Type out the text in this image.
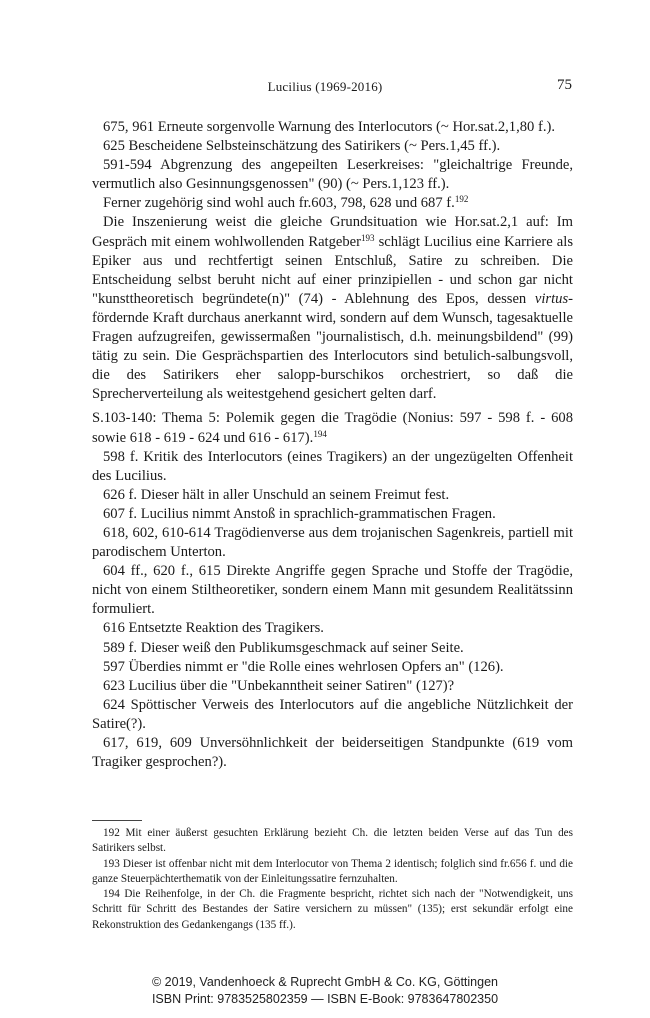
Lucilius (1969-2016)	75

675, 961 Erneute sorgenvolle Warnung des Interlocutors (~ Hor.sat.2,1,80 f.).

625 Bescheidene Selbsteinschätzung des Satirikers (~ Pers.1,45 ff.).

591-594 Abgrenzung des angepeilten Leserkreises: "gleichaltrige Freunde, vermutlich also Gesinnungsgenossen" (90) (~ Pers.1,123 ff.).

Ferner zugehörig sind wohl auch fr.603, 798, 628 und 687 f.$^{192}$

Die Inszenierung weist die gleiche Grundsituation wie Hor.sat.2,1 auf: Im Gespräch mit einem wohlwollenden Ratgeber$^{193}$ schlägt Lucilius eine Karriere als Epiker aus und rechtfertigt seinen Entschluß, Satire zu schreiben. Die Entscheidung selbst beruht nicht auf einer prinzipiellen - und schon gar nicht "kunsttheoretisch begründete(n)" (74) - Ablehnung des Epos, dessen virtus-fördernde Kraft durchaus anerkannt wird, sondern auf dem Wunsch, tagesaktuelle Fragen aufzugreifen, gewissermaßen "journalistisch, d.h. meinungsbildend" (99) tätig zu sein. Die Gesprächspartien des Interlocutors sind betulich-salbungsvoll, die des Satirikers eher salopp-burschikos orchestriert, so daß die Sprecherverteilung als weitestgehend gesichert gelten darf.

S.103-140: Thema 5: Polemik gegen die Tragödie (Nonius: 597 - 598 f. - 608 sowie 618 - 619 - 624 und 616 - 617).$^{194}$

598 f. Kritik des Interlocutors (eines Tragikers) an der ungezügelten Offenheit des Lucilius.

626 f. Dieser hält in aller Unschuld an seinem Freimut fest.

607 f. Lucilius nimmt Anstoß in sprachlich-grammatischen Fragen.

618, 602, 610-614 Tragödienverse aus dem trojanischen Sagenkreis, partiell mit parodischem Unterton.

604 ff., 620 f., 615 Direkte Angriffe gegen Sprache und Stoffe der Tragödie, nicht von einem Stiltheoretiker, sondern einem Mann mit gesundem Realitätssinn formuliert.

616 Entsetzte Reaktion des Tragikers.

589 f. Dieser weiß den Publikumsgeschmack auf seiner Seite.

597 Überdies nimmt er "die Rolle eines wehrlosen Opfers an" (126).

623 Lucilius über die "Unbekanntheit seiner Satiren" (127)?

624 Spöttischer Verweis des Interlocutors auf die angebliche Nützlichkeit der Satire(?).

617, 619, 609 Unversöhnlichkeit der beiderseitigen Standpunkte (619 vom Tragiker gesprochen?).

192 Mit einer äußerst gesuchten Erklärung bezieht Ch. die letzten beiden Verse auf das Tun des Satirikers selbst.

193 Dieser ist offenbar nicht mit dem Interlocutor von Thema 2 identisch; folglich sind fr.656 f. und die ganze Steuerpächterthematik von der Einleitungssatire fernzuhalten.

194 Die Reihenfolge, in der Ch. die Fragmente bespricht, richtet sich nach der "Notwendigkeit, uns Schritt für Schritt des Bestandes der Satire versichern zu müssen" (135); erst sekundär erfolgt eine Rekonstruktion des Gedankengangs (135 ff.).

© 2019, Vandenhoeck & Ruprecht GmbH & Co. KG, Göttingen
ISBN Print: 9783525802359 — ISBN E-Book: 9783647802350
